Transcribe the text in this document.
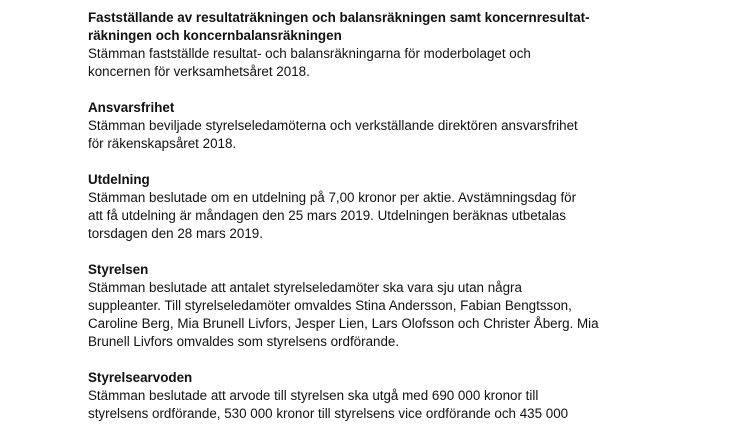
Fastställande av resultaträkningen och balansräkningen samt koncernresultat-
räkningen och koncernbalansräkningen

Stämman fastställde resultat- och balansräkningarna för moderbolaget och
koncernen för verksamhetsåret 2018.

Ansvarsfrihet

Stämman beviljade styrelseledamöterna och verkställande direktören ansvarsfrihet
för räkenskapsåret 2018.

Utdelning

Stämman beslutade om en utdelning på 7,00 kronor per aktie. Avstämningsdag för
att få utdelning är måndagen den 25 mars 2019. Utdelningen beräknas utbetalas
torsdagen den 28 mars 2019.

Styrelsen

Stämman beslutade att antalet styrelseledamöter ska vara sju utan några
suppleanter. Till styrelseledamöter omvaldes Stina Andersson, Fabian Bengtsson,
Caroline Berg, Mia Brunell Livfors, Jesper Lien, Lars Olofsson och Christer Åberg. Mia
Brunell Livfors omvaldes som styrelsens ordförande.

Styrelsearvoden

Stämman beslutade att arvode till styrelsen ska utgå med 690 000 kronor till
styrelsens ordförande, 530 000 kronor till styrelsens vice ordförande och 435 000
